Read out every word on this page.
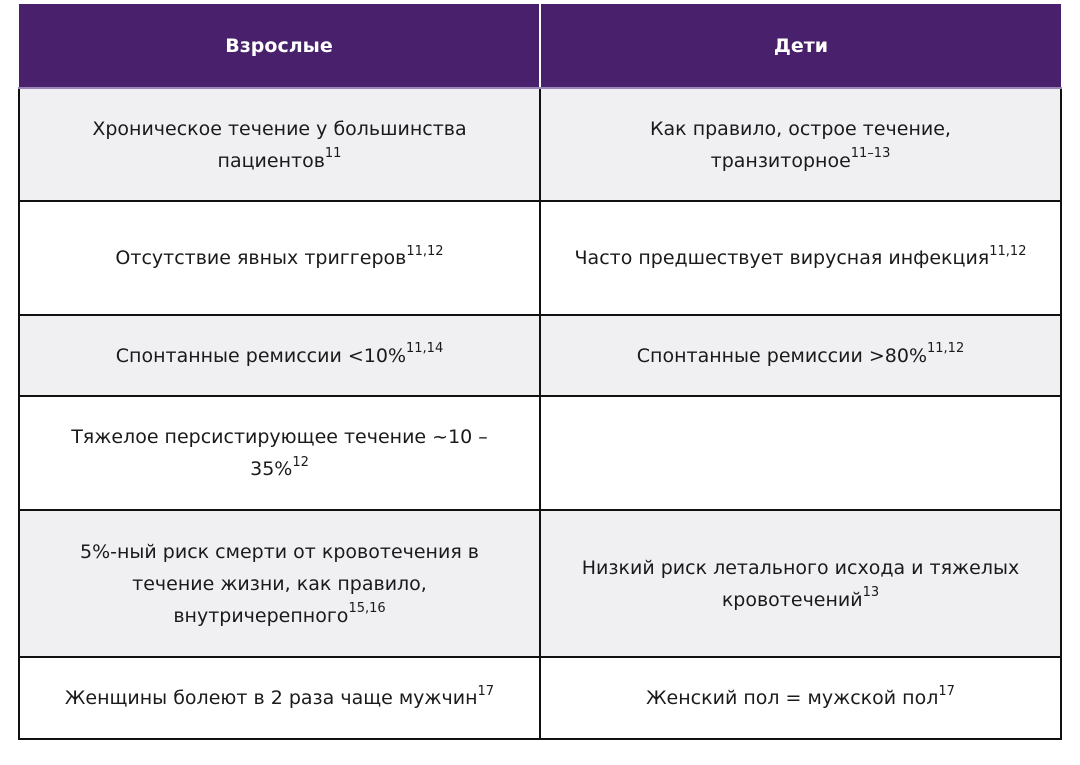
Взрослые	Дети
Хроническое течение у большинства пациентов$^{11}$	Как правило, острое течение, транзиторное$^{11-13}$
Отсутствие явных триггеров$^{11,12}$	Часто предшествует вирусная инфекция$^{11,12}$
Спонтанные ремиссии <10%$^{11,14}$	Спонтанные ремиссии >80%$^{11,12}$
Тяжелое персистирующее течение ~10 – 35%$^{12}$	
5%-ный риск смерти от кровотечения в течение жизни, как правило, внутричерепного$^{15,16}$	Низкий риск летального исхода и тяжелых кровотечений$^{13}$
Женщины болеют в 2 раза чаще мужчин$^{17}$	Женский пол = мужской пол$^{17}$
